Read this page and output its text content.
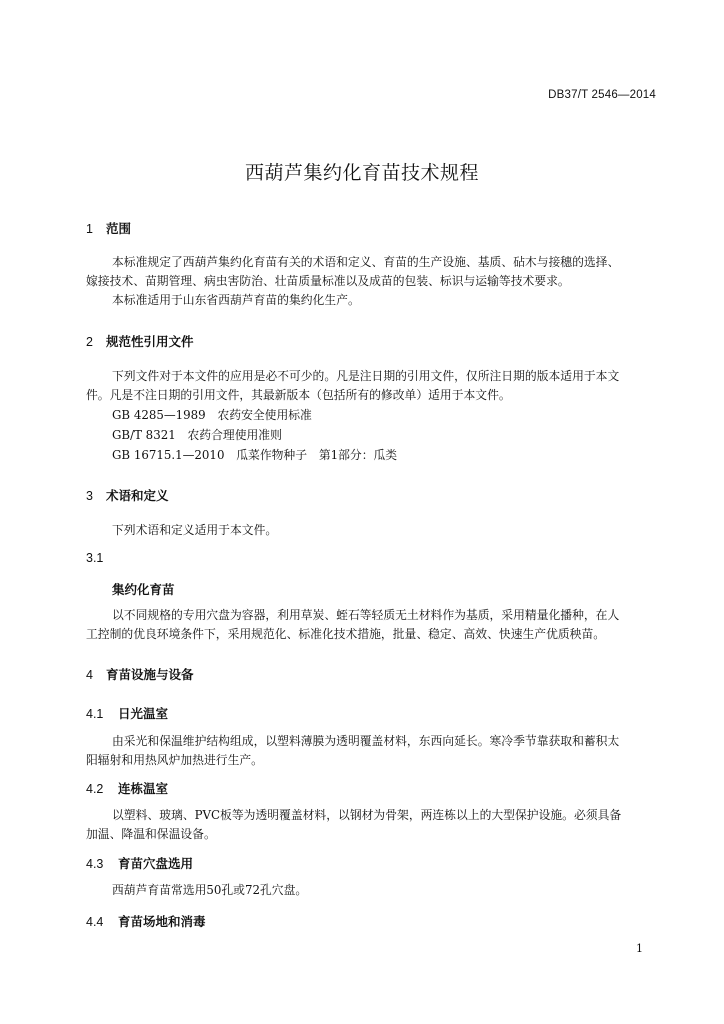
DB37/T 2546—2014
西葫芦集约化育苗技术规程
1 范围
本标准规定了西葫芦集约化育苗有关的术语和定义、育苗的生产设施、基质、砧木与接穗的选择、
嫁接技术、苗期管理、病虫害防治、壮苗质量标准以及成苗的包装、标识与运输等技术要求。
本标准适用于山东省西葫芦育苗的集约化生产。
2 规范性引用文件
下列文件对于本文件的应用是必不可少的。凡是注日期的引用文件，仅所注日期的版本适用于本文
件。凡是不注日期的引用文件，其最新版本（包括所有的修改单）适用于本文件。
GB 4285—1989　农药安全使用标准
GB/T 8321　农药合理使用准则
GB 16715.1—2010　瓜菜作物种子　第1部分：瓜类
3 术语和定义
下列术语和定义适用于本文件。
3.1
集约化育苗
以不同规格的专用穴盘为容器，利用草炭、蛭石等轻质无土材料作为基质，采用精量化播种，在人
工控制的优良环境条件下，采用规范化、标准化技术措施，批量、稳定、高效、快速生产优质秧苗。
4 育苗设施与设备
4.1 日光温室
由采光和保温维护结构组成，以塑料薄膜为透明覆盖材料，东西向延长。寒冷季节靠获取和蓄积太
阳辐射和用热风炉加热进行生产。
4.2 连栋温室
以塑料、玻璃、PVC板等为透明覆盖材料，以钢材为骨架，两连栋以上的大型保护设施。必须具备
加温、降温和保温设备。
4.3 育苗穴盘选用
西葫芦育苗常选用50孔或72孔穴盘。
4.4 育苗场地和消毒
1
